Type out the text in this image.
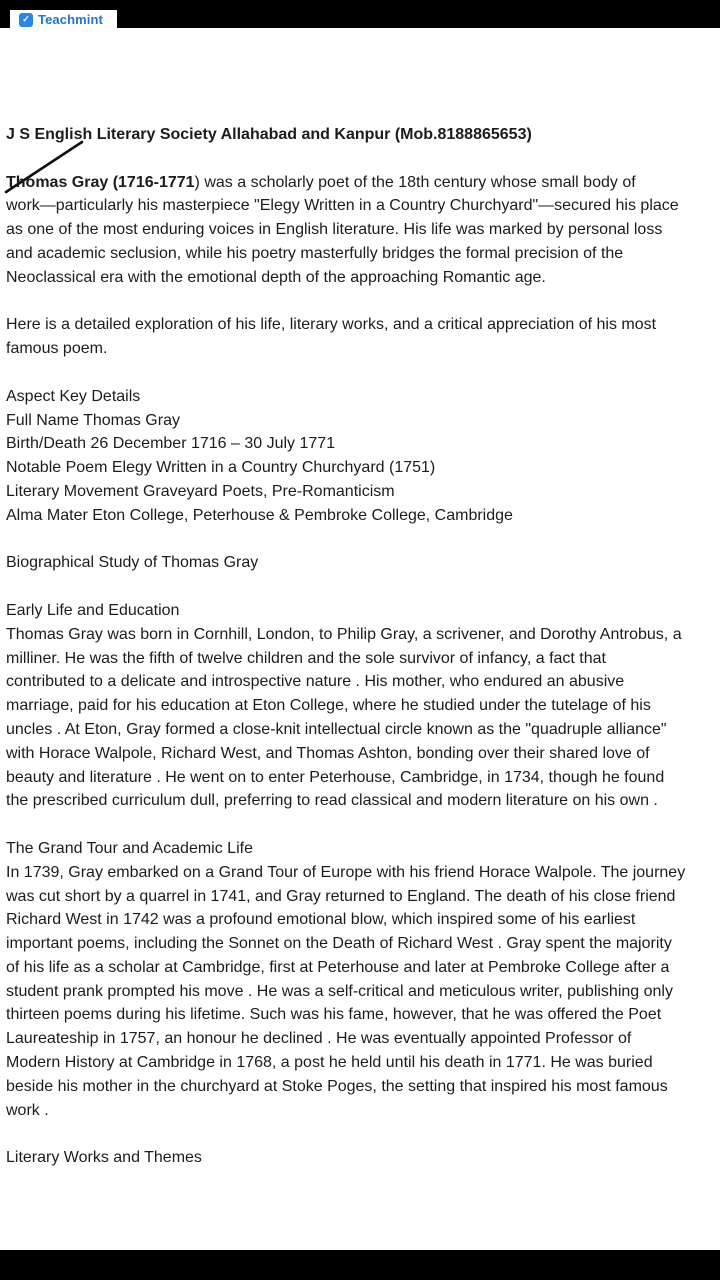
✓ Teachmint
J S English Literary Society Allahabad and Kanpur (Mob.8188865653)
Thomas Gray (1716-1771) was a scholarly poet of the 18th century whose small body of
work—particularly his masterpiece "Elegy Written in a Country Churchyard"—secured his place
as one of the most enduring voices in English literature. His life was marked by personal loss
and academic seclusion, while his poetry masterfully bridges the formal precision of the
Neoclassical era with the emotional depth of the approaching Romantic age.
Here is a detailed exploration of his life, literary works, and a critical appreciation of his most
famous poem.
Aspect Key Details
Full Name Thomas Gray
Birth/Death 26 December 1716 – 30 July 1771
Notable Poem Elegy Written in a Country Churchyard (1751)
Literary Movement Graveyard Poets, Pre-Romanticism
Alma Mater Eton College, Peterhouse & Pembroke College, Cambridge
Biographical Study of Thomas Gray
Early Life and Education
Thomas Gray was born in Cornhill, London, to Philip Gray, a scrivener, and Dorothy Antrobus, a
milliner. He was the fifth of twelve children and the sole survivor of infancy, a fact that
contributed to a delicate and introspective nature . His mother, who endured an abusive
marriage, paid for his education at Eton College, where he studied under the tutelage of his
uncles . At Eton, Gray formed a close-knit intellectual circle known as the "quadruple alliance"
with Horace Walpole, Richard West, and Thomas Ashton, bonding over their shared love of
beauty and literature . He went on to enter Peterhouse, Cambridge, in 1734, though he found
the prescribed curriculum dull, preferring to read classical and modern literature on his own .
The Grand Tour and Academic Life
In 1739, Gray embarked on a Grand Tour of Europe with his friend Horace Walpole. The journey
was cut short by a quarrel in 1741, and Gray returned to England. The death of his close friend
Richard West in 1742 was a profound emotional blow, which inspired some of his earliest
important poems, including the Sonnet on the Death of Richard West . Gray spent the majority
of his life as a scholar at Cambridge, first at Peterhouse and later at Pembroke College after a
student prank prompted his move . He was a self-critical and meticulous writer, publishing only
thirteen poems during his lifetime. Such was his fame, however, that he was offered the Poet
Laureateship in 1757, an honour he declined . He was eventually appointed Professor of
Modern History at Cambridge in 1768, a post he held until his death in 1771. He was buried
beside his mother in the churchyard at Stoke Poges, the setting that inspired his most famous
work .
Literary Works and Themes
